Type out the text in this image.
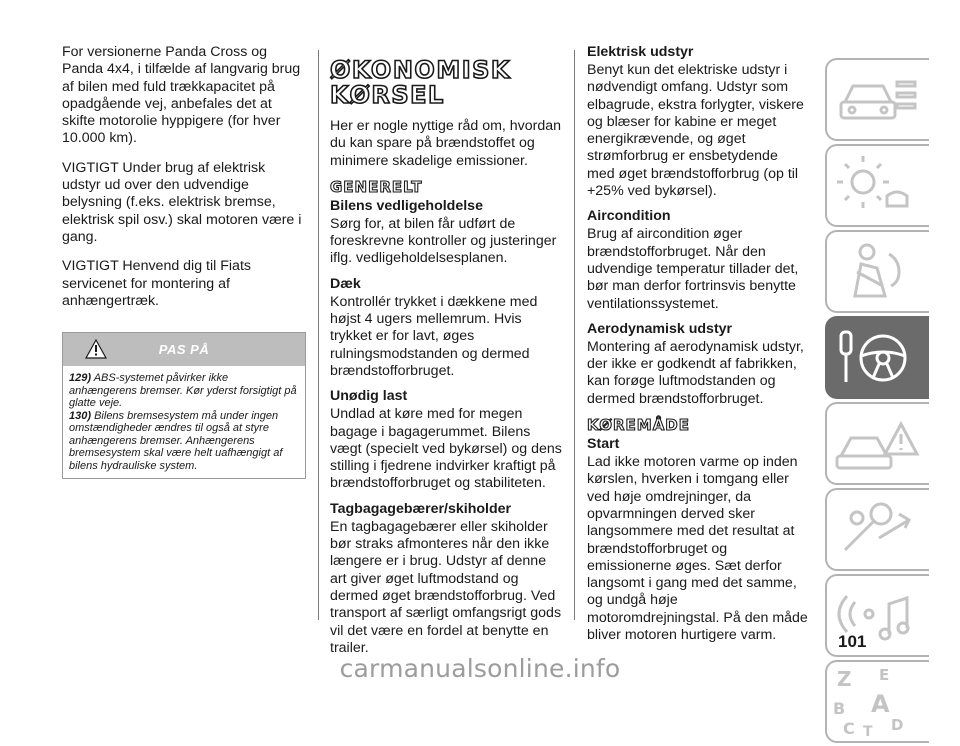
For versionerne Panda Cross og Panda 4x4, i tilfælde af langvarig brug af bilen med fuld trækkapacitet på opadgående vej, anbefales det at skifte motorolie hyppigere (for hver 10.000 km).

VIGTIGT Under brug af elektrisk udstyr ud over den udvendige belysning (f.eks. elektrisk bremse, elektrisk spil osv.) skal motoren være i gang.

VIGTIGT Henvend dig til Fiats servicenet for montering af anhængertræk.

PAS PÅ

129) ABS-systemet påvirker ikke anhængerens bremser. Kør yderst forsigtigt på glatte veje.

130) Bilens bremsesystem må under ingen omstændigheder ændres til også at styre anhængerens bremser. Anhængerens bremsesystem skal være helt uafhængigt af bilens hydrauliske system.

ØKONOMISK KØRSEL

Her er nogle nyttige råd om, hvordan du kan spare på brændstoffet og minimere skadelige emissioner.

GENERELT
Bilens vedligeholdelse

Sørg for, at bilen får udført de foreskrevne kontroller og justeringer iflg. vedligeholdelsesplanen.

Dæk

Kontrollér trykket i dækkene med højst 4 ugers mellemrum. Hvis trykket er for lavt, øges rulningsmodstanden og dermed brændstofforbruget.

Unødig last

Undlad at køre med for megen bagage i bagagerummet. Bilens vægt (specielt ved bykørsel) og dens stilling i fjedrene indvirker kraftigt på brændstofforbruget og stabiliteten.

Tagbagagebærer/skiholder

En tagbagagebærer eller skiholder bør straks afmonteres når den ikke længere er i brug. Udstyr af denne art giver øget luftmodstand og dermed øget brændstofforbrug. Ved transport af særligt omfangsrigt gods vil det være en fordel at benytte en trailer.

Elektrisk udstyr

Benyt kun det elektriske udstyr i nødvendigt omfang. Udstyr som elbagrude, ekstra forlygter, viskere og blæser for kabine er meget energikrævende, og øget strømforbrug er ensbetydende med øget brændstofforbrug (op til +25% ved bykørsel).

Aircondition

Brug af aircondition øger brændstofforbruget. Når den udvendige temperatur tillader det, bør man derfor fortrinsvis benytte ventilationssystemet.

Aerodynamisk udstyr

Montering af aerodynamisk udstyr, der ikke er godkendt af fabrikken, kan forøge luftmodstanden og dermed brændstofforbruget.

KØREMÅDE
Start

Lad ikke motoren varme op inden kørslen, hverken i tomgang eller ved høje omdrejninger, da opvarmningen derved sker langsommere med det resultat at brændstofforbruget og emissionerne øges. Sæt derfor langsomt i gang med det samme, og undgå høje motoromdrejningstal. På den måde bliver motoren hurtigere varm.

Z E
B A
C T D
101
carmanualsonline.info
